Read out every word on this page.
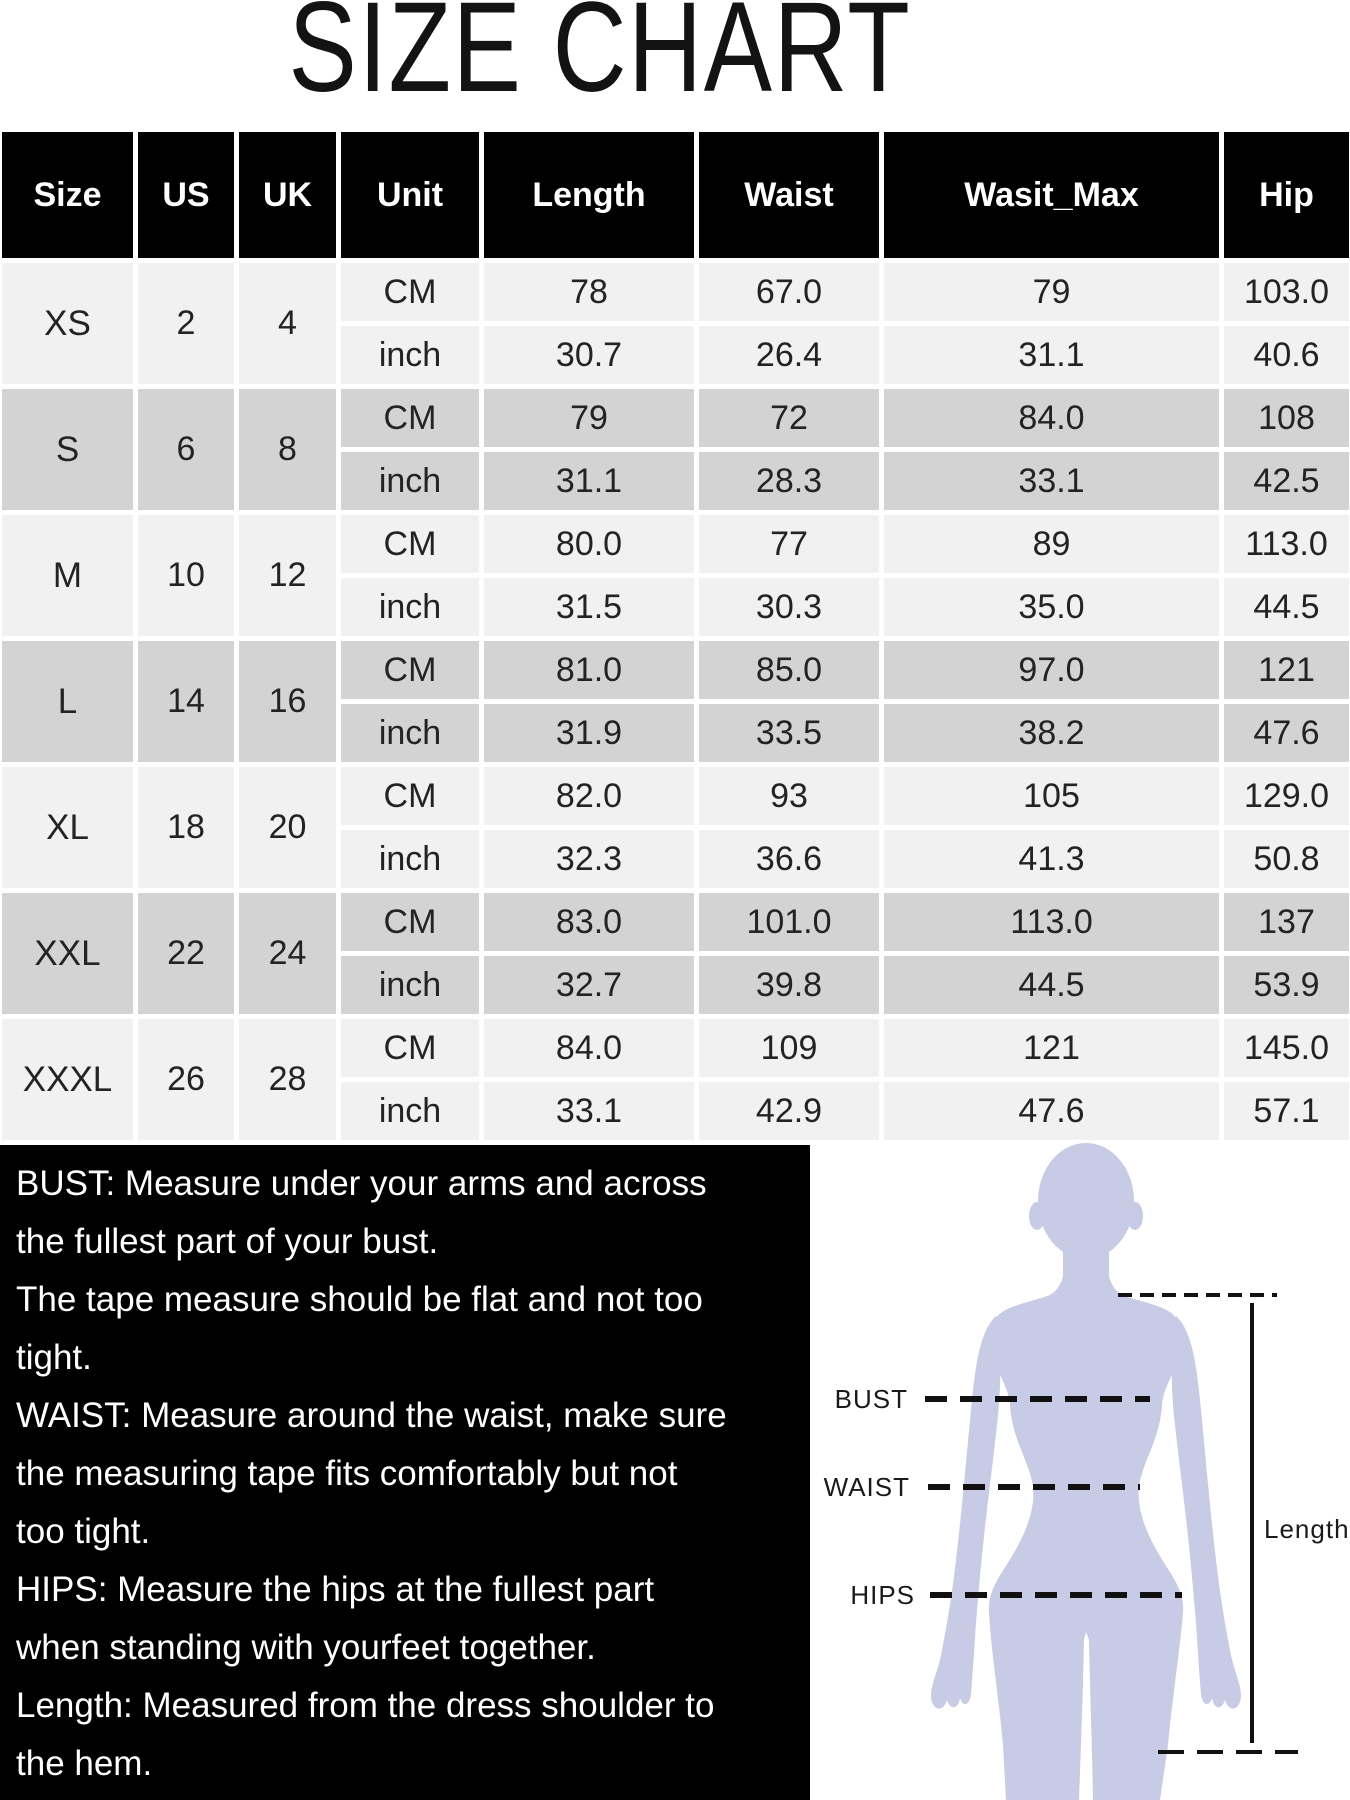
SIZE CHART
Size	US	UK	Unit	Length	Waist	Wasit_Max	Hip
XS	2	4
CM	78	67.0	79	103.0
inch	30.7	26.4	31.1	40.6
S	6	8
CM	79	72	84.0	108
inch	31.1	28.3	33.1	42.5
M	10	12
CM	80.0	77	89	113.0
inch	31.5	30.3	35.0	44.5
L	14	16
CM	81.0	85.0	97.0	121
inch	31.9	33.5	38.2	47.6
XL	18	20
CM	82.0	93	105	129.0
inch	32.3	36.6	41.3	50.8
XXL	22	24
CM	83.0	101.0	113.0	137
inch	32.7	39.8	44.5	53.9
XXXL	26	28
CM	84.0	109	121	145.0
inch	33.1	42.9	47.6	57.1
BUST: Measure under your arms and across
the fullest part of your bust.
The tape measure should be flat and not too
tight.
WAIST: Measure around the waist, make sure
the measuring tape fits comfortably but not
too tight.
HIPS: Measure the hips at the fullest part
when standing with yourfeet together.
Length: Measured from the dress shoulder to
the hem.
BUST
WAIST
HIPS
Length
